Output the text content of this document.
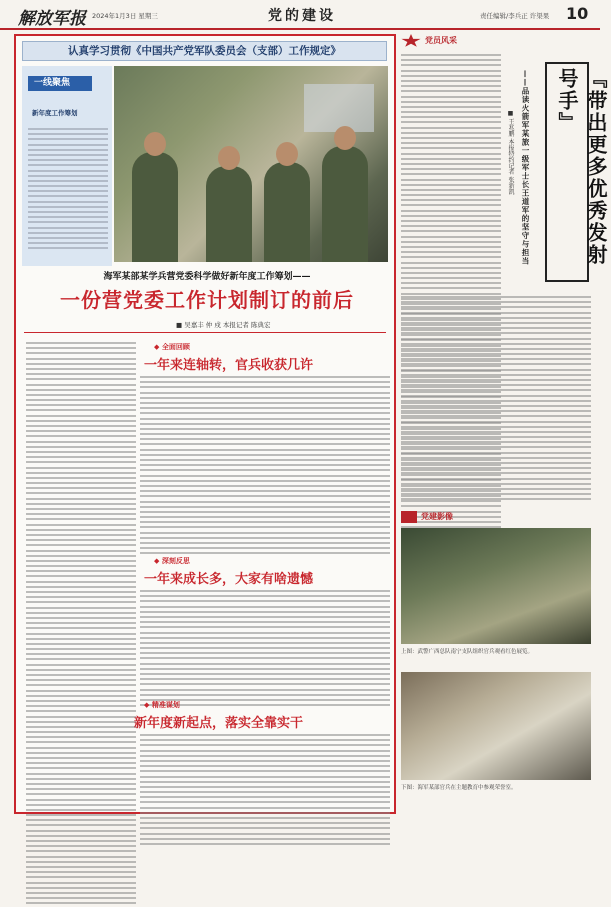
解放军报 2024年1月3日 星期三	党的建设	责任编辑/李兵正 许渠果 10
认真学习贯彻《中国共产党军队委员会（支部）工作规定》
一线聚焦
新年度工作筹划
海军某部某学兵营党委科学做好新年度工作筹划——
一份营党委工作计划制订的前后
■ 吴嘉丰 仲 戍 本报记者 陈典宏
◆ 全面回顾
一年来连轴转，官兵收获几许
◆ 深刻反思
一年来成长多，大家有啥遗憾
◆ 精准谋划
新年度新起点，落实全靠实干
党员风采
『带出更多优秀发射号手』
——品读火箭军某旅一级军士长王道军的坚守与担当
■ 王兆鹏 本报特约记者 张新凯
党建影像
上图：武警广西总队南宁支队组织官兵观看红色展览。
下图：海军某部官兵在主题教育中参观荣誉室。
